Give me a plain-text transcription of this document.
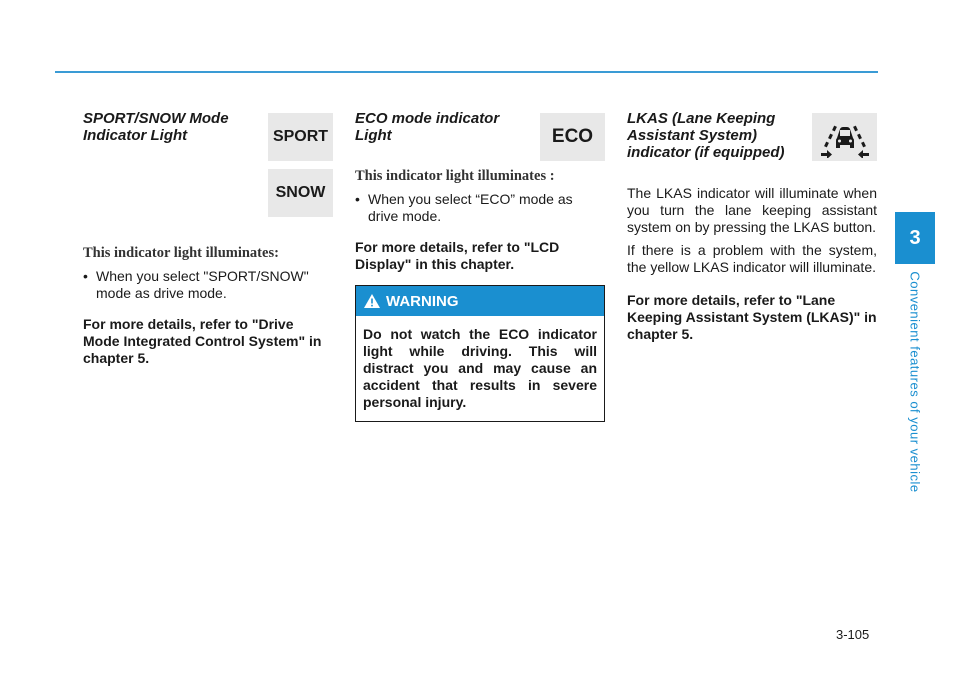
3
Convenient features of your vehicle

SPORT/SNOW Mode
Indicator Light

This indicator light illuminates:

• When you select "SPORT/SNOW" mode as drive mode.

For more details, refer to "Drive Mode Integrated Control System" in chapter 5.

SPORT
SNOW

ECO mode indicator
Light

This indicator light illuminates :

• When you select “ECO” mode as drive mode.

For more details, refer to "LCD Display" in this chapter.

ECO
WARNING
Do not watch the ECO indicator light while driving. This will distract you and may cause an accident that results in severe personal injury.

LKAS (Lane Keeping
Assistant System)
indicator (if equipped)

The LKAS indicator will illuminate when you turn the lane keeping assistant system on by pressing the LKAS button.

If there is a problem with the system, the yellow LKAS indicator will illuminate.

For more details, refer to "Lane Keeping Assistant System (LKAS)" in chapter 5.

3-105
